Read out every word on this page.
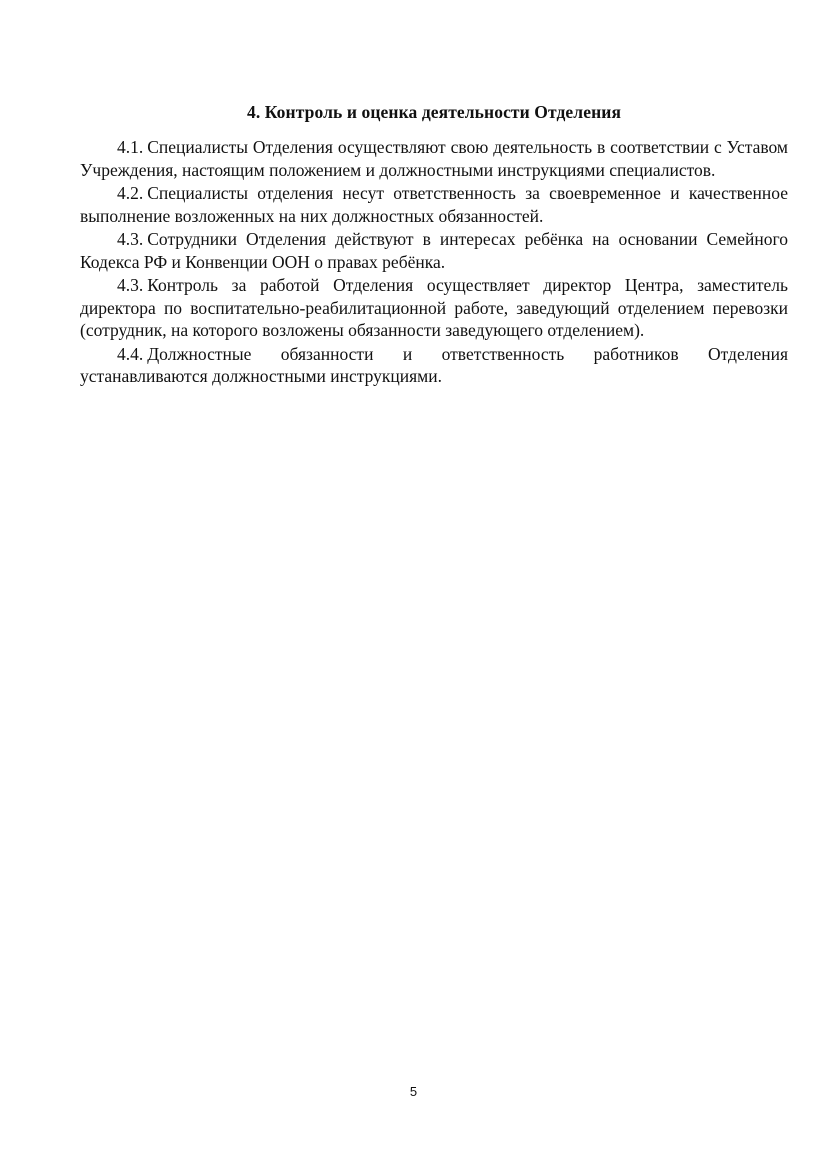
4. Контроль и оценка деятельности Отделения

4.1. Специалисты Отделения осуществляют свою деятельность в соответствии с Уставом Учреждения, настоящим положением и должностными инструкциями специалистов.

4.2. Специалисты отделения несут ответственность за своевременное и качественное выполнение возложенных на них должностных обязанностей.

4.3. Сотрудники Отделения действуют в интересах ребёнка на основании Семейного Кодекса РФ и Конвенции ООН о правах ребёнка.

4.3. Контроль за работой Отделения осуществляет директор Центра, заместитель директора по воспитательно-реабилитационной работе, заведующий отделением перевозки (сотрудник, на которого возложены обязанности заведующего отделением).

4.4. Должностные обязанности и ответственность работников Отделения устанавливаются должностными инструкциями.

5
